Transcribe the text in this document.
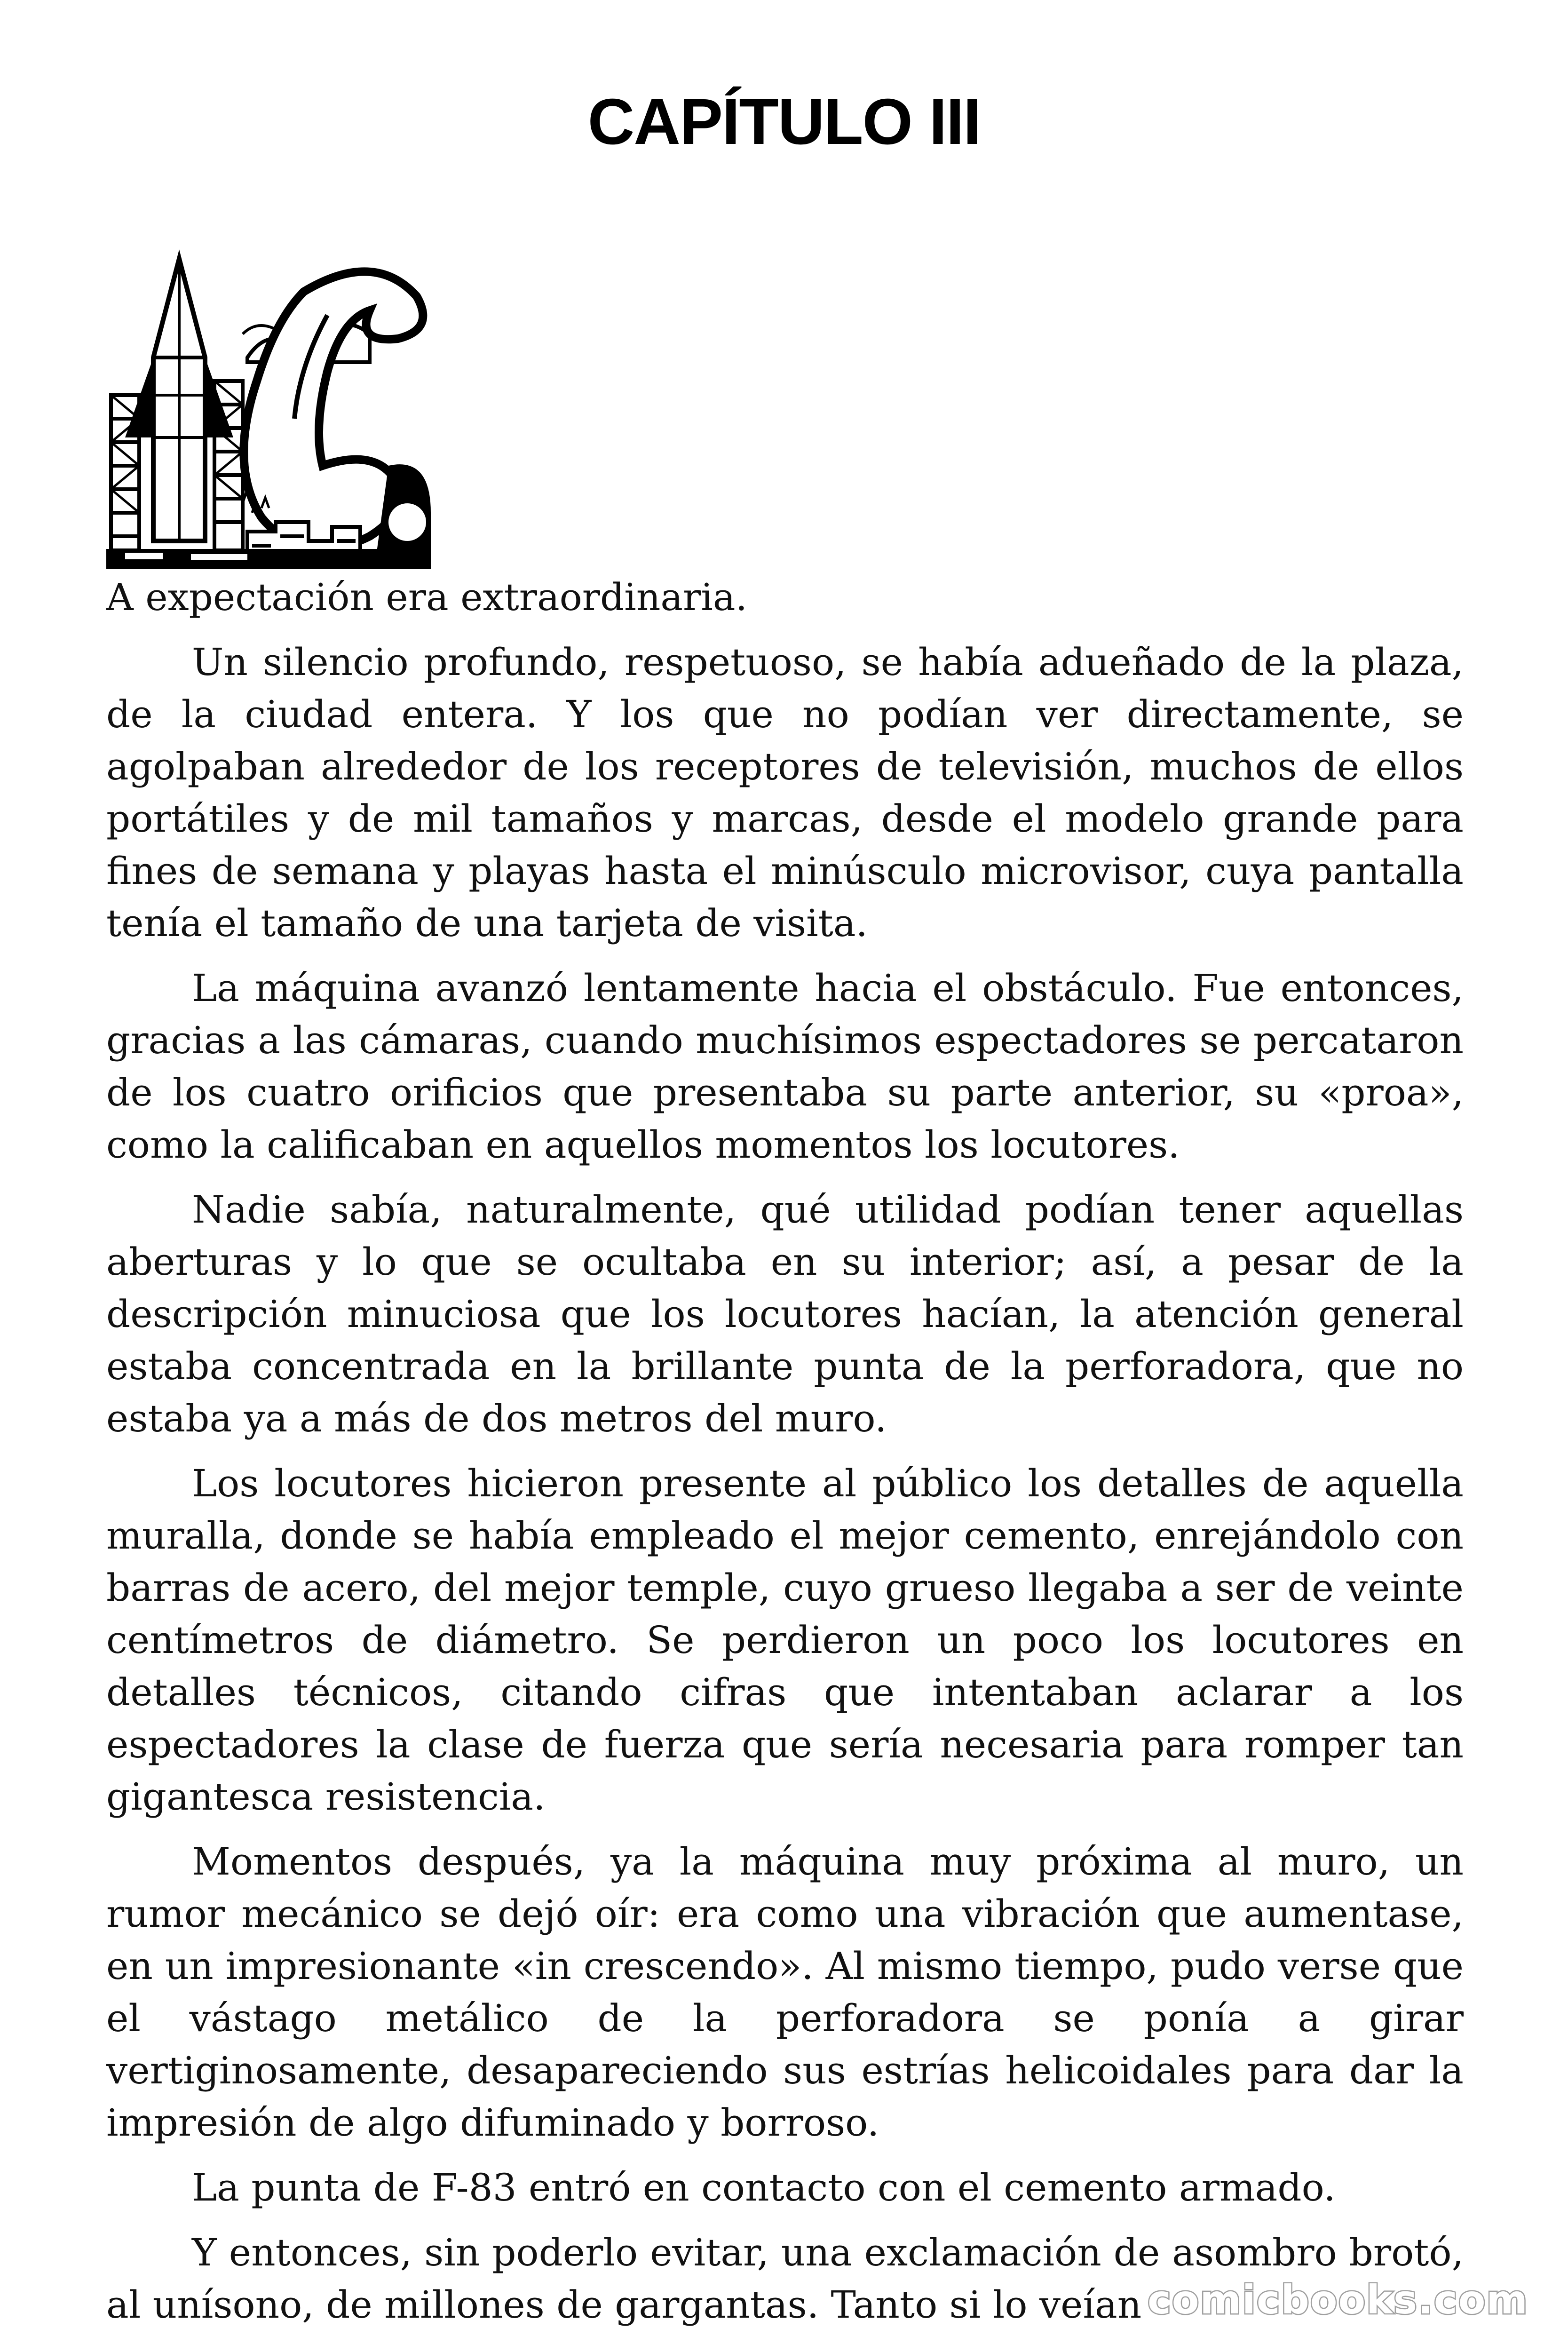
CAPÍTULO III

A expectación era extraordinaria.

Un silencio profundo, respetuoso, se había adueñado de la plaza, de la ciudad entera. Y los que no podían ver directamente, se agolpaban alrededor de los receptores de televisión, muchos de ellos portátiles y de mil tamaños y marcas, desde el modelo grande para fines de semana y playas hasta el minúsculo microvisor, cuya pantalla tenía el tamaño de una tarjeta de visita.

La máquina avanzó lentamente hacia el obstáculo. Fue entonces, gracias a las cámaras, cuando muchísimos espectadores se percataron de los cuatro orificios que presentaba su parte anterior, su «proa», como la calificaban en aquellos momentos los locutores.

Nadie sabía, naturalmente, qué utilidad podían tener aquellas aberturas y lo que se ocultaba en su interior; así, a pesar de la descripción minuciosa que los locutores hacían, la atención general estaba concentrada en la brillante punta de la perforadora, que no estaba ya a más de dos metros del muro.

Los locutores hicieron presente al público los detalles de aquella muralla, donde se había empleado el mejor cemento, enrejándolo con barras de acero, del mejor temple, cuyo grueso llegaba a ser de veinte centímetros de diámetro. Se perdieron un poco los locutores en detalles técnicos, citando cifras que intentaban aclarar a los espectadores la clase de fuerza que sería necesaria para romper tan gigantesca resistencia.

Momentos después, ya la máquina muy próxima al muro, un rumor mecánico se dejó oír: era como una vibración que aumentase, en un impresionante «in crescendo». Al mismo tiempo, pudo verse que el vástago metálico de la perforadora se ponía a girar vertiginosamente, desapareciendo sus estrías helicoidales para dar la impresión de algo difuminado y borroso.

La punta de F-83 entró en contacto con el cemento armado.

Y entonces, sin poderlo evitar, una exclamación de asombro brotó, al unísono, de millones de gargantas. Tanto si lo veían comicbooks.com
